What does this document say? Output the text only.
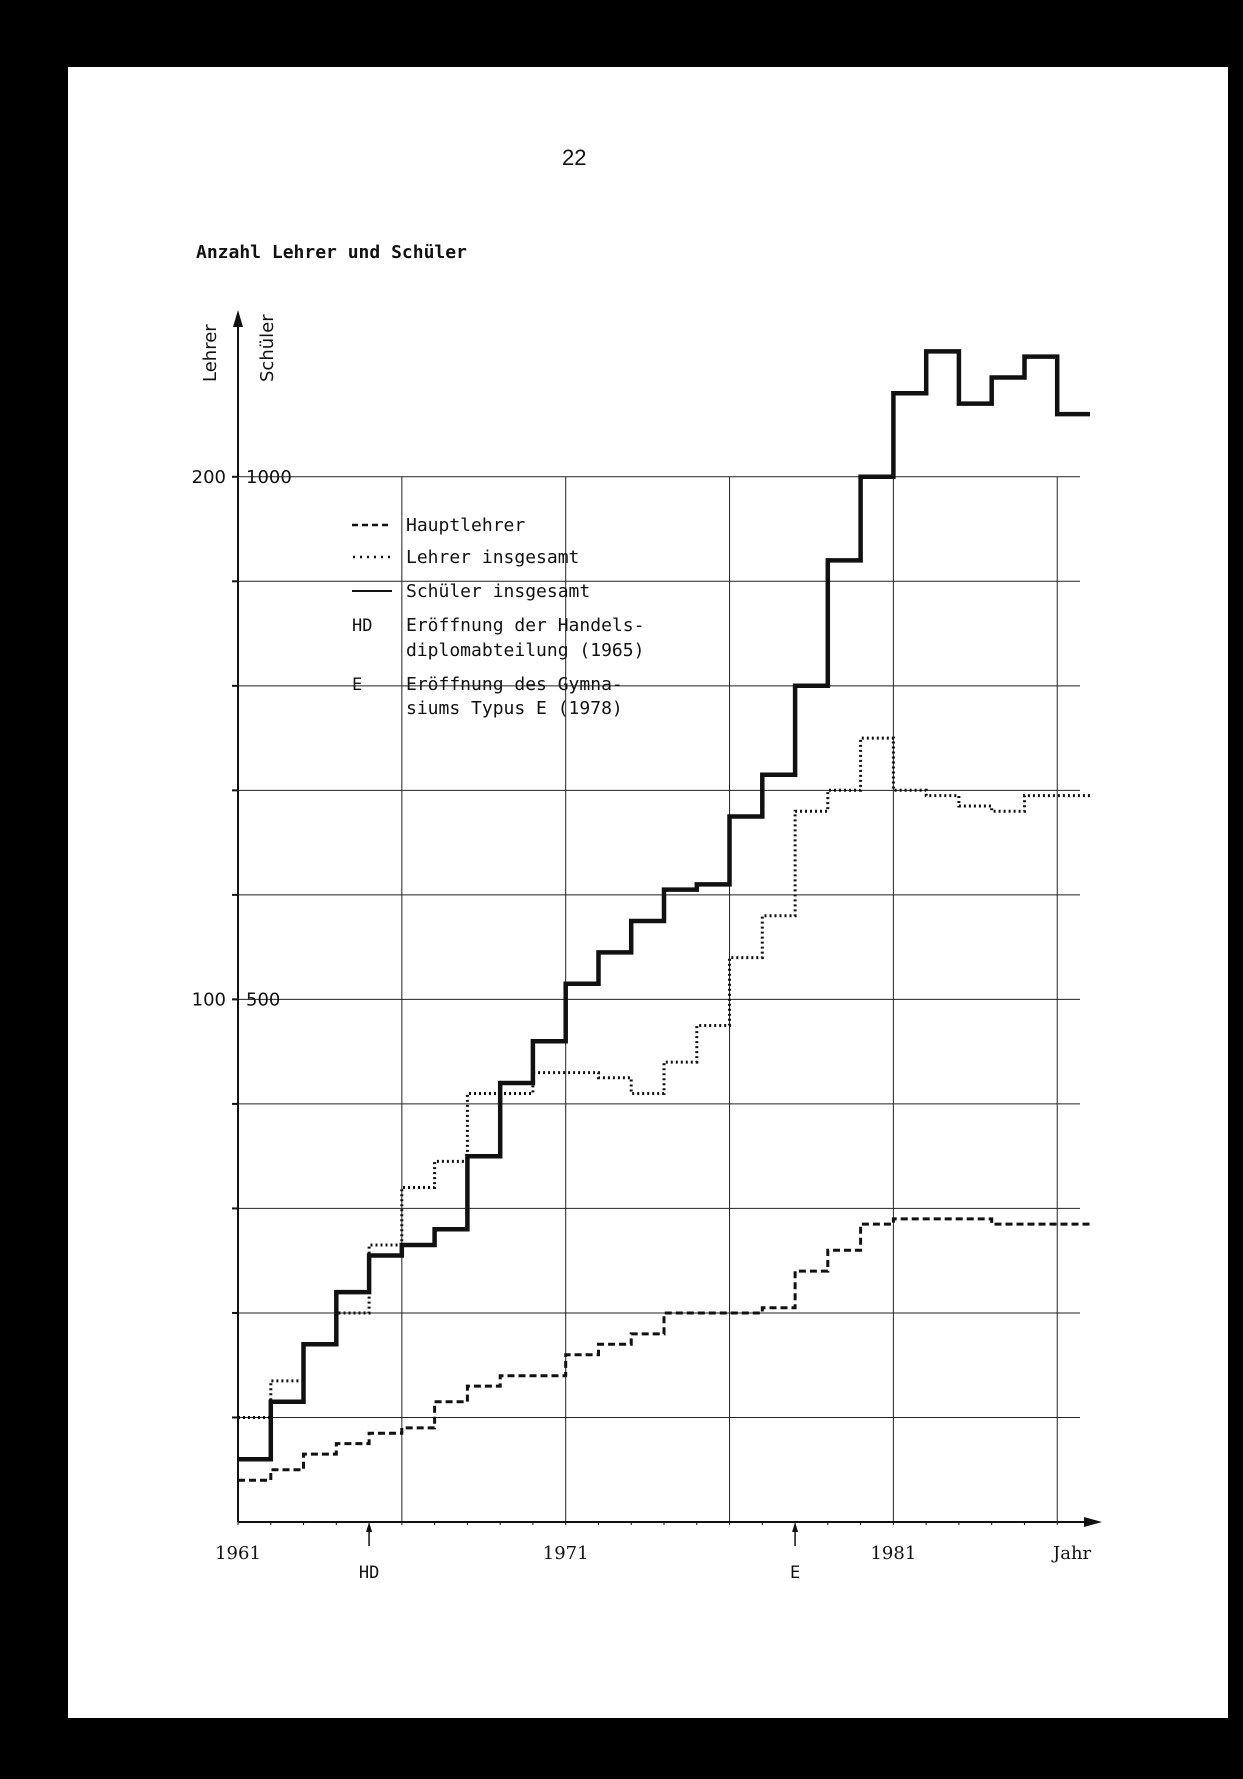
22
Anzahl Lehrer und Schüler
Lehrer Schüler
Jahr
1961	1971	1981
100
200
500
1000
HD	E
Hauptlehrer
Lehrer insgesamt
Schüler insgesamt
HD Eröffnung der Handels-
diplomabteilung (1965)
E Eröffnung des Gymna-
siums Typus E (1978)
